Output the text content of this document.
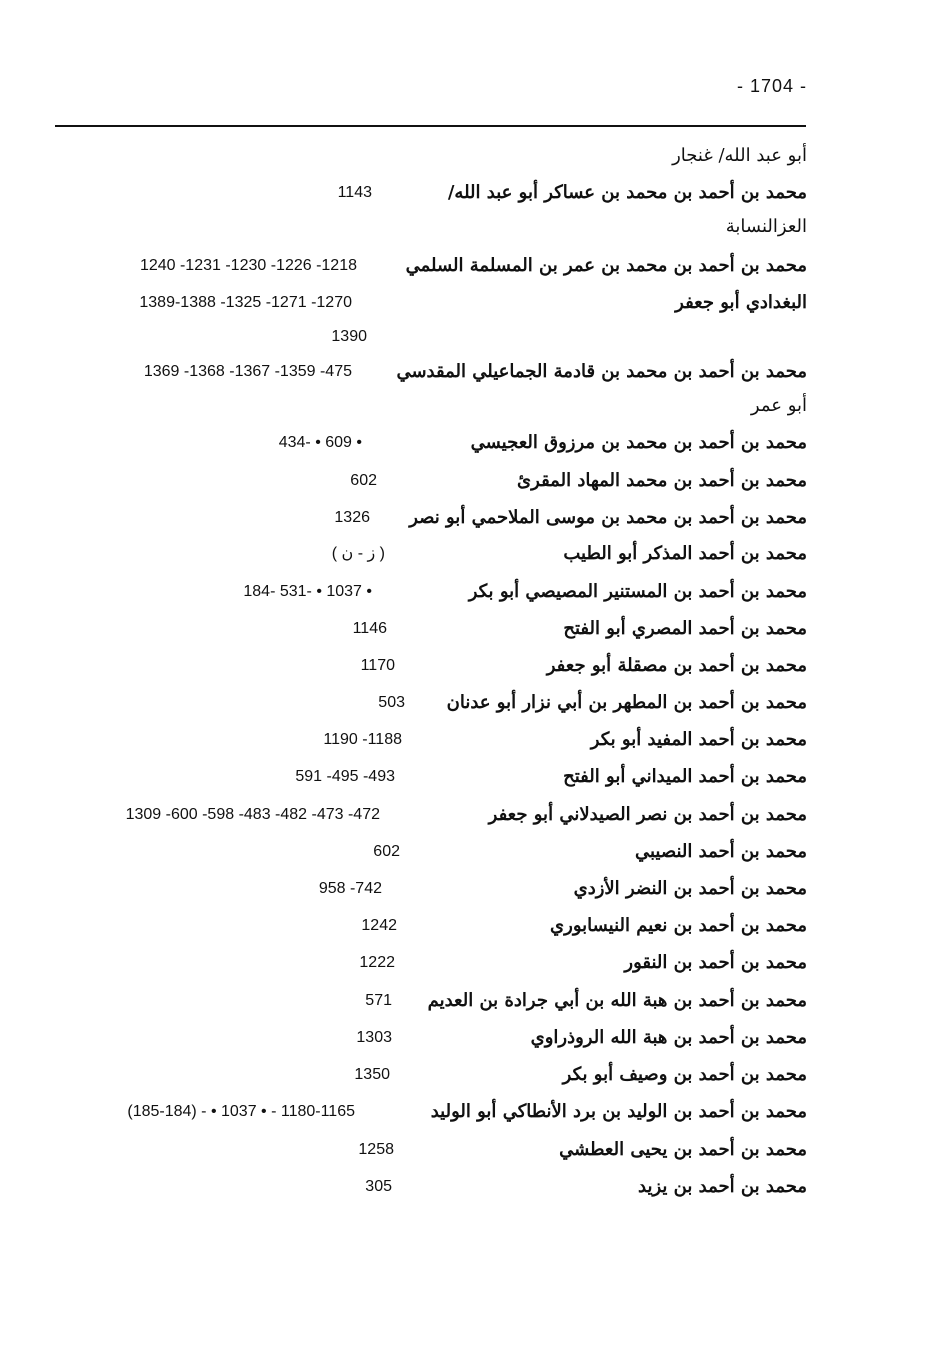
- 1704 -
أبو عبد الله/ غنجار
محمد بن أحمد بن محمد بن عساكر أبو عبد الله/
1143
العزالنسابة
محمد بن أحمد بن محمد بن عمر بن المسلمة السلمي
1240 -1231 -1230 -1226 -1218
البغدادي أبو جعفر
1389-1388 -1325 -1271 -1270
1390
محمد بن أحمد بن محمد بن قادمة الجماعيلي المقدسي
1369 -1368 -1367 -1359 -475
أبو عمر
محمد بن أحمد بن محمد بن مرزوق العجيسي
434- • 609 •
محمد بن أحمد بن محمد المهاد المقرئ
602
محمد بن أحمد بن محمد بن موسى الملاحمي أبو نصر
1326
محمد بن أحمد المذكر أبو الطيب
( ز - ن )
محمد بن أحمد بن المستنير المصيصي أبو بكر
184- 531- • 1037 •
محمد بن أحمد المصري أبو الفتح
1146
محمد بن أحمد بن مصقلة أبو جعفر
1170
محمد بن أحمد بن المطهر بن أبي نزار أبو عدنان
503
محمد بن أحمد المفيد أبو بكر
1190 -1188
محمد بن أحمد الميداني أبو الفتح
591 -495 -493
محمد بن أحمد بن نصر الصيدلاني أبو جعفر
1309 -600 -598 -483 -482 -473 -472
محمد بن أحمد النصيبي
602
محمد بن أحمد بن النضر الأزدي
958 -742
محمد بن أحمد بن نعيم النيسابوري
1242
محمد بن أحمد بن النقور
1222
محمد بن أحمد بن هبة الله بن أبي جرادة بن العديم
571
محمد بن أحمد بن هبة الله الروذراوي
1303
محمد بن أحمد بن وصيف أبو بكر
1350
محمد بن أحمد بن الوليد بن برد الأنطاكي أبو الوليد
(185-184) - • 1037 • - 1180-1165
محمد بن أحمد بن يحيى العطشي
1258
محمد بن أحمد بن يزيد
305
